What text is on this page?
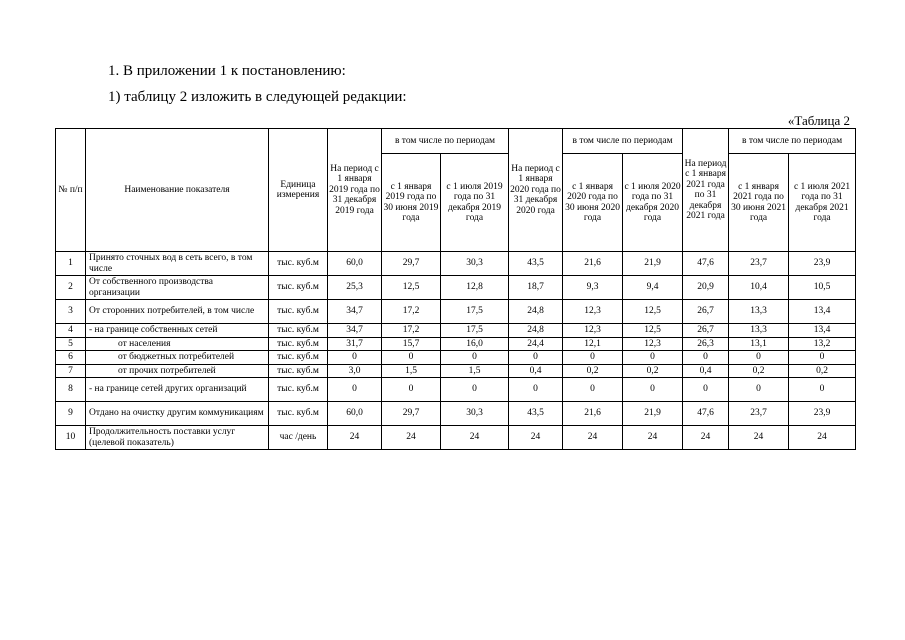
1. В приложении 1 к постановлению:
1) таблицу 2 изложить в следующей редакции:
«Таблица 2
№ п/п	Наименование показателя	Единица измерения	На период с 1 января 2019 года по 31 декабря 2019 года	в том числе по периодам		На период с 1 января 2020 года по 31 декабря 2020 года	в том числе по периодам		На период с 1 января 2021 года по 31 декабря 2021 года	в том числе по периодам	
				с 1 января 2019 года по 30 июня 2019 года	с 1 июля 2019 года по 31 декабря 2019 года		с 1 января 2020 года по 30 июня 2020 года	с 1 июля 2020 года по 31 декабря 2020 года		с 1 января 2021 года по 30 июня 2021 года	с 1 июля 2021 года по 31 декабря 2021 года
1	Принято сточных вод в сеть всего, в том числе	тыс. куб.м	60,0	29,7	30,3	43,5	21,6	21,9	47,6	23,7	23,9
2	От собственного производства организации	тыс. куб.м	25,3	12,5	12,8	18,7	9,3	9,4	20,9	10,4	10,5
3	От сторонних потребителей, в том числе	тыс. куб.м	34,7	17,2	17,5	24,8	12,3	12,5	26,7	13,3	13,4
4	- на границе собственных сетей	тыс. куб.м	34,7	17,2	17,5	24,8	12,3	12,5	26,7	13,3	13,4
5	от населения	тыс. куб.м	31,7	15,7	16,0	24,4	12,1	12,3	26,3	13,1	13,2
6	от бюджетных потребителей	тыс. куб.м	0	0	0	0	0	0	0	0	0
7	от прочих потребителей	тыс. куб.м	3,0	1,5	1,5	0,4	0,2	0,2	0,4	0,2	0,2
8	- на границе сетей других организаций	тыс. куб.м	0	0	0	0	0	0	0	0	0
9	Отдано на очистку другим коммуникациям	тыс. куб.м	60,0	29,7	30,3	43,5	21,6	21,9	47,6	23,7	23,9
10	Продолжительность поставки услуг (целевой показатель)	час /день	24	24	24	24	24	24	24	24	24
